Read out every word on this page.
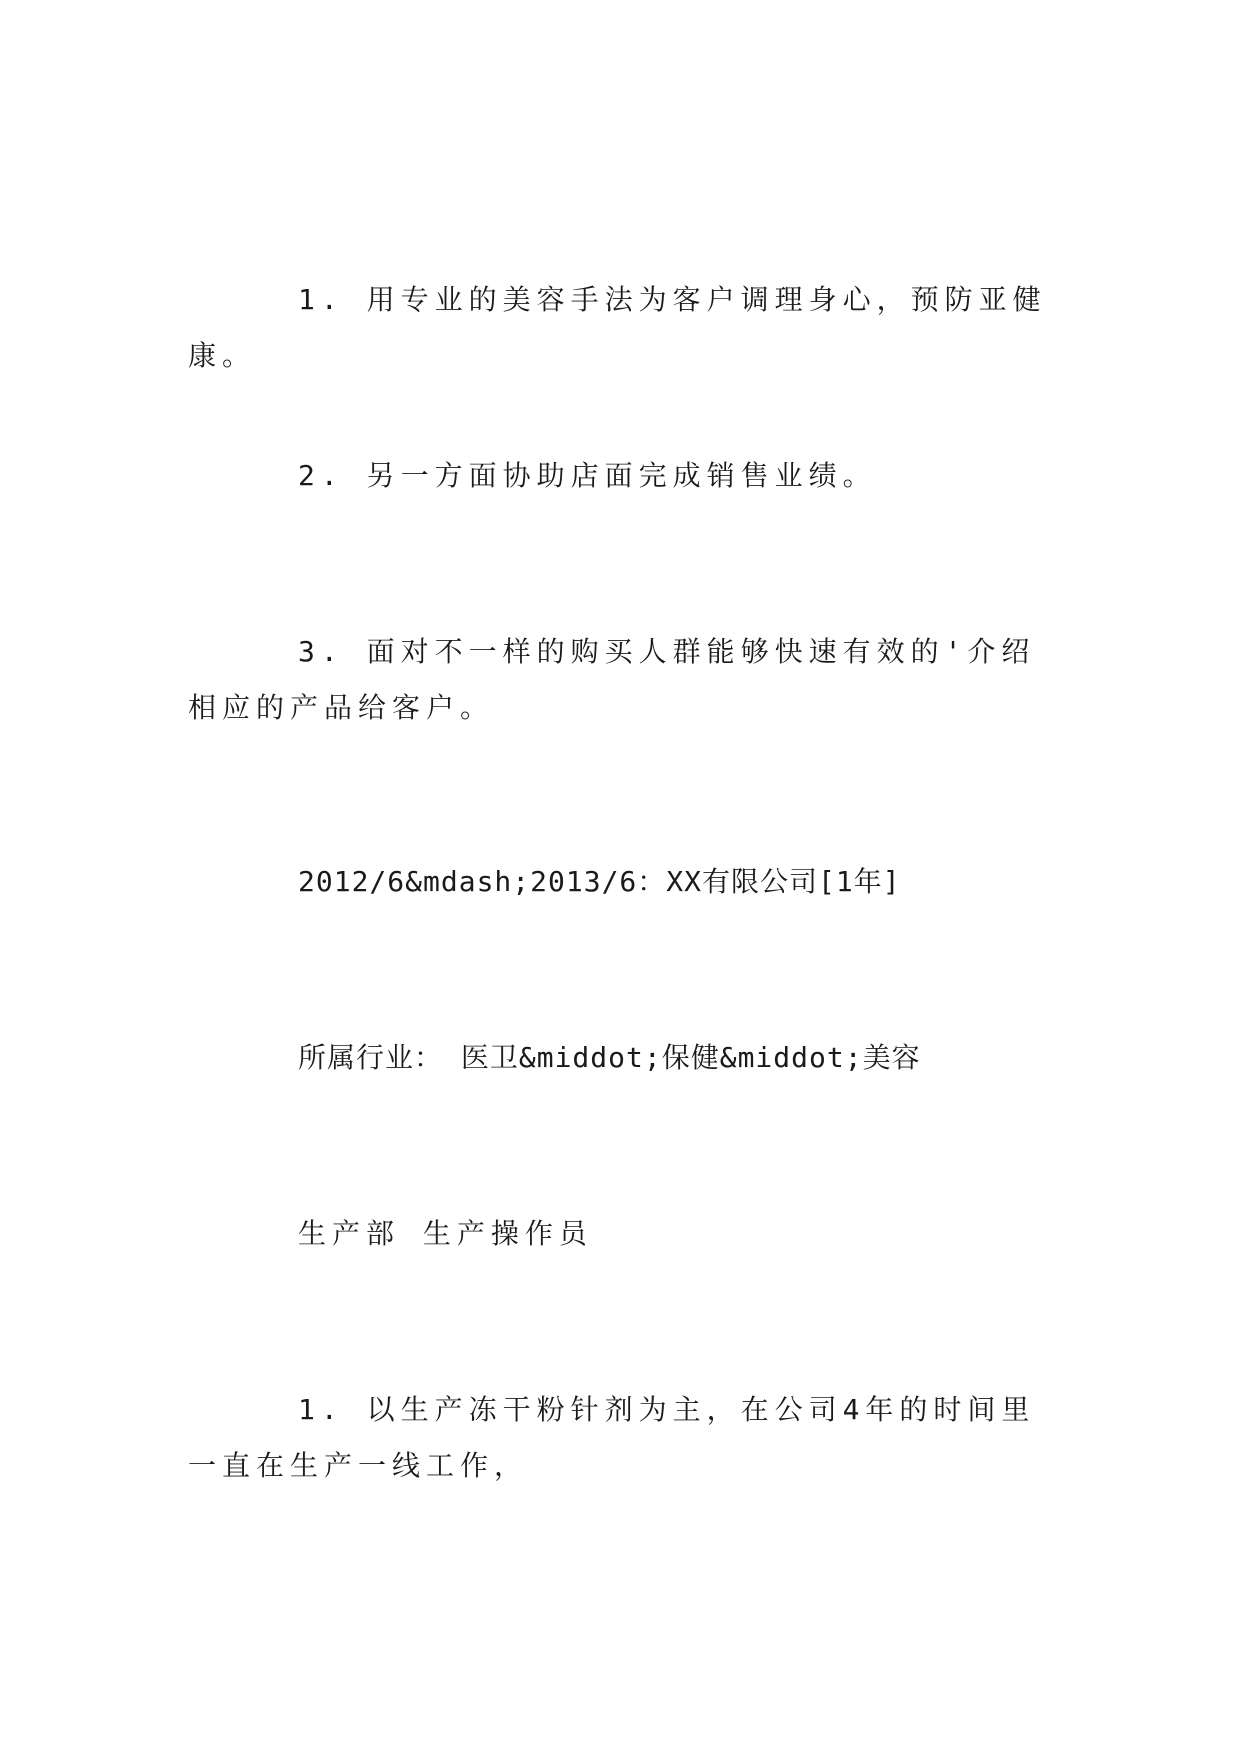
1. 用专业的美容手法为客户调理身心，预防亚健康。
2. 另一方面协助店面完成销售业绩。
3. 面对不一样的购买人群能够快速有效的'介绍相应的产品给客户。
2012/6&mdash;2013/6：XX有限公司[1年]
所属行业： 医卫&middot;保健&middot;美容
生产部 生产操作员
1. 以生产冻干粉针剂为主，在公司4年的时间里一直在生产一线工作，
